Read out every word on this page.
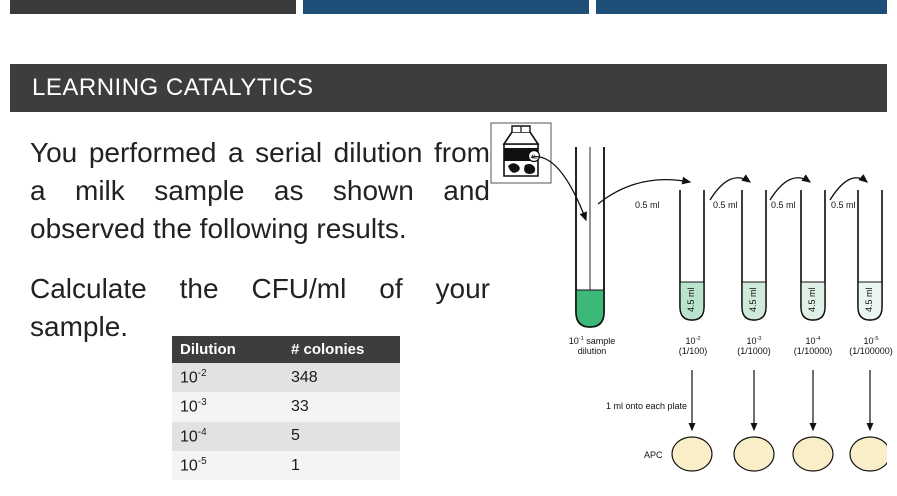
LEARNING CATALYTICS
You performed a serial dilution from a milk sample as shown and observed the following results.
Calculate the CFU/ml of your sample.
Dilution	# colonies
$10^{-2}$	348
$10^{-3}$	33
$10^{-4}$	5
$10^{-5}$	1
4L
0.5 ml	0.5 ml	0.5 ml	0.5 ml
4.5 ml	4.5 ml	4.5 ml	4.5 ml
$10^{-1}$ sample
dilution
$10^{-2}$
(1/100)
$10^{-3}$
(1/1000)
$10^{-4}$
(1/10000)
$10^{-5}$
(1/100000)
1 ml onto each plate
APC
